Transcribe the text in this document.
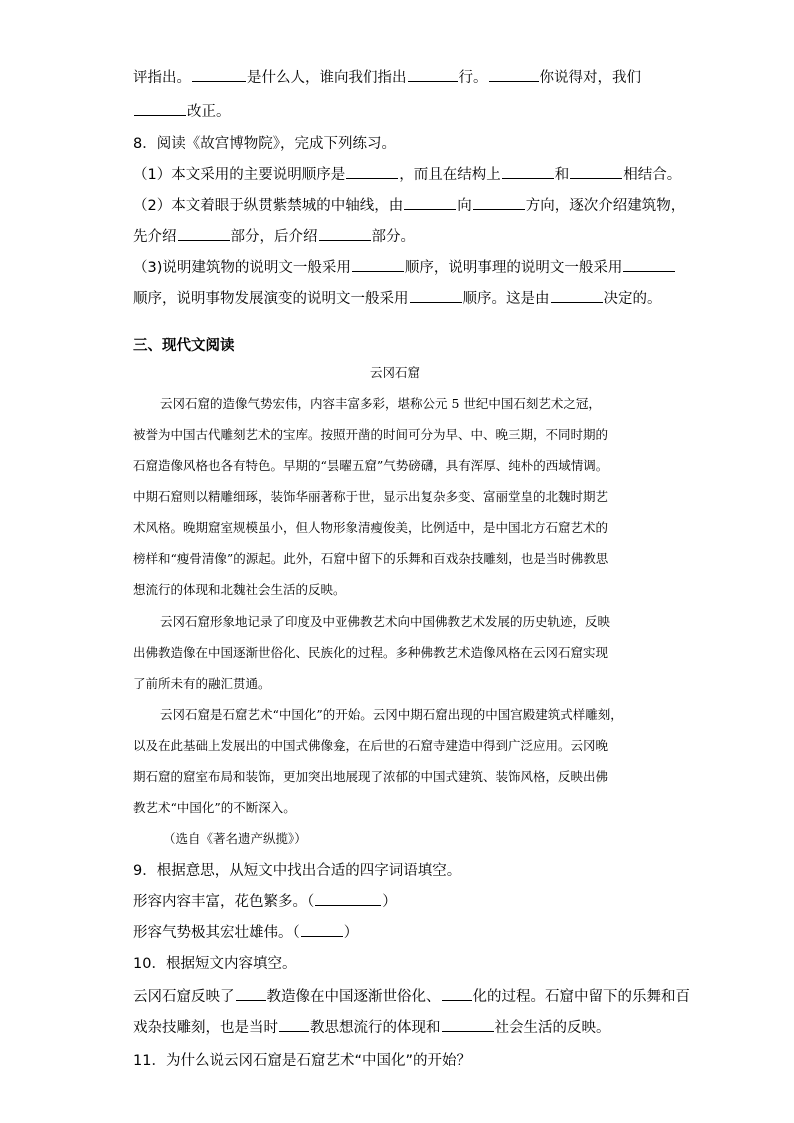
评指出。	是什么人，谁向我们指出	行。	你说得对，我们
改正。
8．阅读《故宫博物院》，完成下列练习。
（1）本文采用的主要说明顺序是	，而且在结构上	和	相结合。
（2）本文着眼于纵贯紫禁城的中轴线，由	向	方向，逐次介绍建筑物，
先介绍	部分，后介绍	部分。
（3)说明建筑物的说明文一般采用	顺序，说明事理的说明文一般采用
顺序，说明事物发展演变的说明文一般采用	顺序。这是由	决定的。
三、现代文阅读
云冈石窟
云冈石窟的造像气势宏伟，内容丰富多彩，堪称公元 5 世纪中国石刻艺术之冠，
被誉为中国古代雕刻艺术的宝库。按照开凿的时间可分为早、中、晚三期，不同时期的
石窟造像风格也各有特色。早期的“昙曜五窟”气势磅礴，具有浑厚、纯朴的西域情调。
中期石窟则以精雕细琢，装饰华丽著称于世，显示出复杂多变、富丽堂皇的北魏时期艺
术风格。晚期窟室规模虽小，但人物形象清瘦俊美，比例适中，是中国北方石窟艺术的
榜样和“瘦骨清像”的源起。此外，石窟中留下的乐舞和百戏杂技雕刻，也是当时佛教思
想流行的体现和北魏社会生活的反映。
云冈石窟形象地记录了印度及中亚佛教艺术向中国佛教艺术发展的历史轨迹，反映
出佛教造像在中国逐渐世俗化、民族化的过程。多种佛教艺术造像风格在云冈石窟实现
了前所未有的融汇贯通。
云冈石窟是石窟艺术“中国化”的开始。云冈中期石窟出现的中国宫殿建筑式样雕刻，
以及在此基础上发展出的中国式佛像龛，在后世的石窟寺建造中得到广泛应用。云冈晚
期石窟的窟室布局和装饰，更加突出地展现了浓郁的中国式建筑、装饰风格，反映出佛
教艺术“中国化”的不断深入。
（选自《著名遗产纵揽》）
9．根据意思，从短文中找出合适的四字词语填空。
形容内容丰富，花色繁多。（	）
形容气势极其宏壮雄伟。（	）
10．根据短文内容填空。
云冈石窟反映了 教造像在中国逐渐世俗化、 化的过程。石窟中留下的乐舞和百
戏杂技雕刻，也是当时 教思想流行的体现和	社会生活的反映。
11．为什么说云冈石窟是石窟艺术“中国化”的开始？
